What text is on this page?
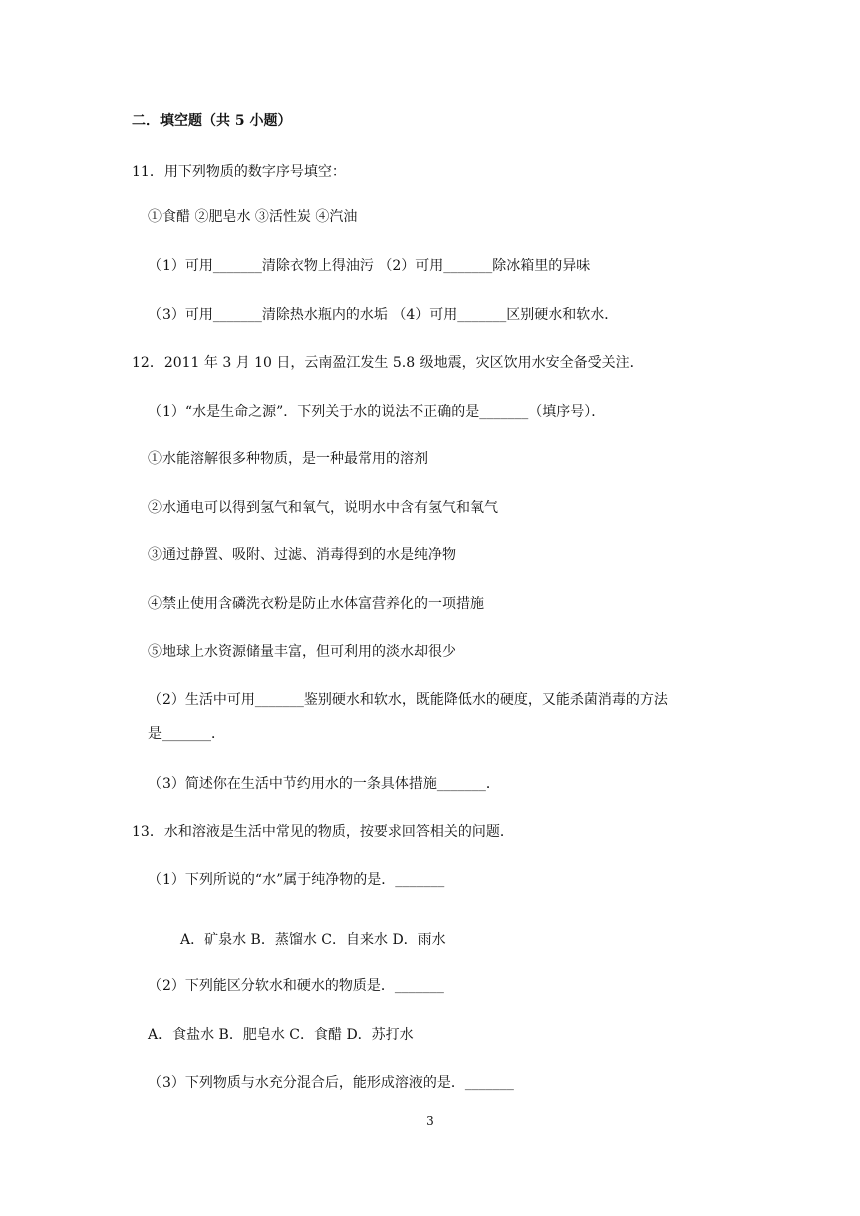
二．填空题（共 5 小题）
11．用下列物质的数字序号填空：
①食醋 ②肥皂水 ③活性炭 ④汽油
（1）可用_______清除衣物上得油污 （2）可用_______除冰箱里的异味
（3）可用_______清除热水瓶内的水垢 （4）可用_______区别硬水和软水．
12．2011 年 3 月 10 日，云南盈江发生 5.8 级地震，灾区饮用水安全备受关注．
（1）“水是生命之源”．下列关于水的说法不正确的是_______（填序号）．
①水能溶解很多种物质，是一种最常用的溶剂
②水通电可以得到氢气和氧气，说明水中含有氢气和氧气
③通过静置、吸附、过滤、消毒得到的水是纯净物
④禁止使用含磷洗衣粉是防止水体富营养化的一项措施
⑤地球上水资源储量丰富，但可利用的淡水却很少
（2）生活中可用_______鉴别硬水和软水，既能降低水的硬度，又能杀菌消毒的方法
是_______．
（3）简述你在生活中节约用水的一条具体措施_______．
13．水和溶液是生活中常见的物质，按要求回答相关的问题．
（1）下列所说的“水”属于纯净物的是．_______
A．矿泉水 B．蒸馏水 C．自来水 D．雨水
（2）下列能区分软水和硬水的物质是．_______
A．食盐水 B．肥皂水 C．食醋 D．苏打水
（3）下列物质与水充分混合后，能形成溶液的是．_______
3
